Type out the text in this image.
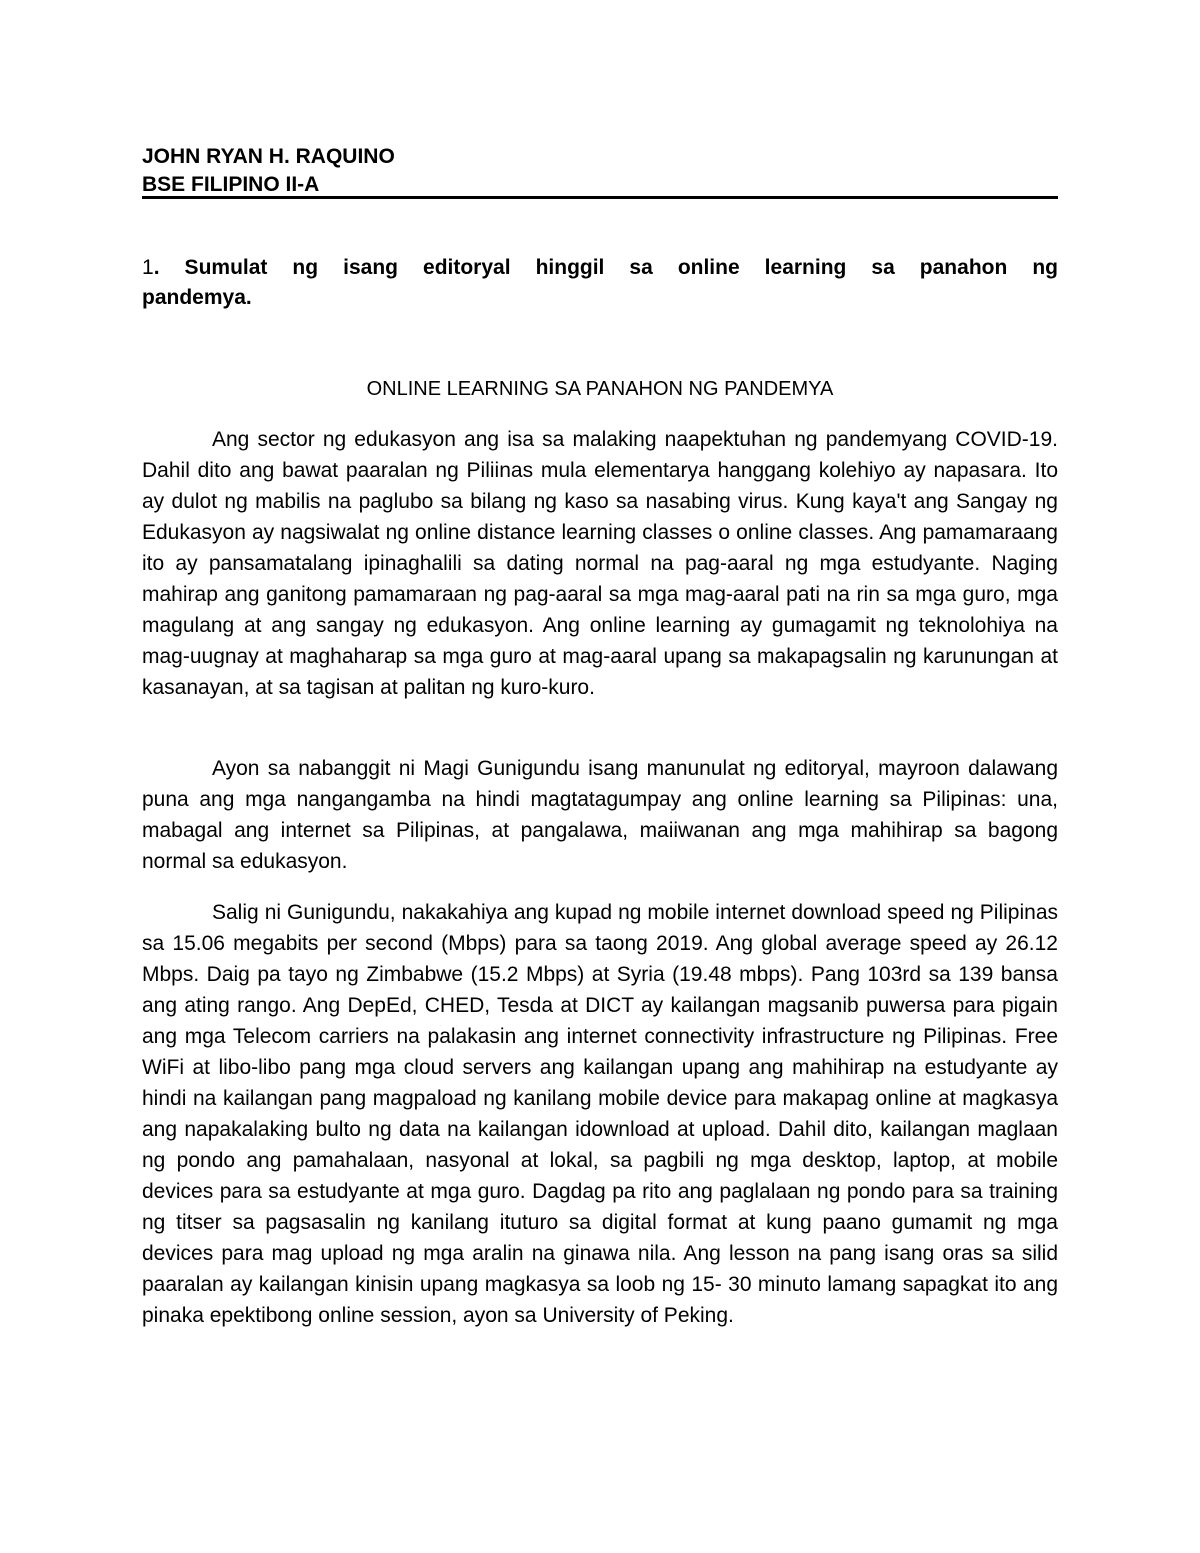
JOHN RYAN H. RAQUINO

BSE FILIPINO II-A

1. Sumulat ng isang editoryal hinggil sa online learning sa panahon ng pandemya.

ONLINE LEARNING SA PANAHON NG PANDEMYA

Ang sector ng edukasyon ang isa sa malaking naapektuhan ng pandemyang COVID-19. Dahil dito ang bawat paaralan ng Piliinas mula elementarya hanggang kolehiyo ay napasara. Ito ay dulot ng mabilis na paglubo sa bilang ng kaso sa nasabing virus. Kung kaya't ang Sangay ng Edukasyon ay nagsiwalat ng online distance learning classes o online classes. Ang pamamaraang ito ay pansamatalang ipinaghalili sa dating normal na pag-aaral ng mga estudyante. Naging mahirap ang ganitong pamamaraan ng pag-aaral sa mga mag-aaral pati na rin sa mga guro, mga magulang at ang sangay ng edukasyon. Ang online learning ay gumagamit ng teknolohiya na mag-uugnay at maghaharap sa mga guro at mag-aaral upang sa makapagsalin ng karunungan at kasanayan, at sa tagisan at palitan ng kuro-kuro.

Ayon sa nabanggit ni Magi Gunigundu isang manunulat ng editoryal, mayroon dalawang puna ang mga nangangamba na hindi magtatagumpay ang online learning sa Pilipinas: una, mabagal ang internet sa Pilipinas, at pangalawa, maiiwanan ang mga mahihirap sa bagong normal sa edukasyon.

Salig ni Gunigundu, nakakahiya ang kupad ng mobile internet download speed ng Pilipinas sa 15.06 megabits per second (Mbps) para sa taong 2019. Ang global average speed ay 26.12 Mbps. Daig pa tayo ng Zimbabwe (15.2 Mbps) at Syria (19.48 mbps). Pang 103rd sa 139 bansa ang ating rango. Ang DepEd, CHED, Tesda at DICT ay kailangan magsanib puwersa para pigain ang mga Telecom carriers na palakasin ang internet connectivity infrastructure ng Pilipinas. Free WiFi at libo-libo pang mga cloud servers ang kailangan upang ang mahihirap na estudyante ay hindi na kailangan pang magpaload ng kanilang mobile device para makapag online at magkasya ang napakalaking bulto ng data na kailangan idownload at upload. Dahil dito, kailangan maglaan ng pondo ang pamahalaan, nasyonal at lokal, sa pagbili ng mga desktop, laptop, at mobile devices para sa estudyante at mga guro. Dagdag pa rito ang paglalaan ng pondo para sa training ng titser sa pagsasalin ng kanilang ituturo sa digital format at kung paano gumamit ng mga devices para mag upload ng mga aralin na ginawa nila. Ang lesson na pang isang oras sa silid paaralan ay kailangan kinisin upang magkasya sa loob ng 15- 30 minuto lamang sapagkat ito ang pinaka epektibong online session, ayon sa University of Peking.
